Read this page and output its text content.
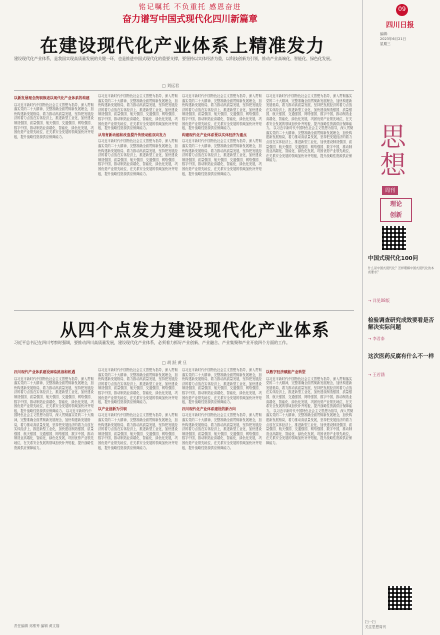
铭记嘱托 不负重托 感恩奋进
奋力谱写中国式现代化四川新篇章
在建设现代化产业体系上精准发力
建设现代化产业体系，是我国实现高质量发展的关键一环，也是推进中国式现代化的重要支撑，要坚持以实体经济为重，以科技创新为引领，推动产业高端化、智能化、绿色化发展。
□ 刘远君
以新发展理念统领推进以现代化产业体系的构建
以习近平新时代中国特色社会主义思想为指导，深入贯彻落实党的二十大精神，完整准确全面贯彻新发展理念，加快构建新发展格局，着力推动高质量发展，坚持把发展经济的着力点放在实体经济上，推进新型工业化，加快建设制造强国、质量强国、航天强国、交通强国、网络强国、数字中国，推动制造业高端化、智能化、绿色化发展，巩固优势产业领先地位，在关系安全发展的领域加快补齐短板，提升战略性资源供应保障能力。
以习近平新时代中国特色社会主义思想为指导，深入贯彻落实党的二十大精神，完整准确全面贯彻新发展理念，加快构建新发展格局，着力推动高质量发展，坚持把发展经济的着力点放在实体经济上，推进新型工业化，加快建设制造强国、质量强国、航天强国、交通强国、网络强国、数字中国，推动制造业高端化、智能化、绿色化发展，巩固优势产业领先地位，在关系安全发展的领域加快补齐短板，提升战略性资源供应保障能力。
从培育新动能和改造提升传统动能双向发力
以习近平新时代中国特色社会主义思想为指导，深入贯彻落实党的二十大精神，完整准确全面贯彻新发展理念，加快构建新发展格局，着力推动高质量发展，坚持把发展经济的着力点放在实体经济上，推进新型工业化，加快建设制造强国、质量强国、航天强国、交通强国、网络强国、数字中国，推动制造业高端化、智能化、绿色化发展，巩固优势产业领先地位，在关系安全发展的领域加快补齐短板，提升战略性资源供应保障能力。
以习近平新时代中国特色社会主义思想为指导，深入贯彻落实党的二十大精神，完整准确全面贯彻新发展理念，加快构建新发展格局，着力推动高质量发展，坚持把发展经济的着力点放在实体经济上，推进新型工业化，加快建设制造强国、质量强国、航天强国、交通强国、网络强国、数字中国，推动制造业高端化、智能化、绿色化发展，巩固优势产业领先地位，在关系安全发展的领域加快补齐短板，提升战略性资源供应保障能力。
构建现代化产业体系要以实体经济为重点
以习近平新时代中国特色社会主义思想为指导，深入贯彻落实党的二十大精神，完整准确全面贯彻新发展理念，加快构建新发展格局，着力推动高质量发展，坚持把发展经济的着力点放在实体经济上，推进新型工业化，加快建设制造强国、质量强国、航天强国、交通强国、网络强国、数字中国，推动制造业高端化、智能化、绿色化发展，巩固优势产业领先地位，在关系安全发展的领域加快补齐短板，提升战略性资源供应保障能力。
以习近平新时代中国特色社会主义思想为指导，深入贯彻落实党的二十大精神，完整准确全面贯彻新发展理念，加快构建新发展格局，着力推动高质量发展，坚持把发展经济的着力点放在实体经济上，推进新型工业化，加快建设制造强国、质量强国、航天强国、交通强国、网络强国、数字中国，推动制造业高端化、智能化、绿色化发展，巩固优势产业领先地位，在关系安全发展的领域加快补齐短板，提升战略性资源供应保障能力。 以习近平新时代中国特色社会主义思想为指导，深入贯彻落实党的二十大精神，完整准确全面贯彻新发展理念，加快构建新发展格局，着力推动高质量发展，坚持把发展经济的着力点放在实体经济上，推进新型工业化，加快建设制造强国、质量强国、航天强国、交通强国、网络强国、数字中国，推动制造业高端化、智能化、绿色化发展，巩固优势产业领先地位，在关系安全发展的领域加快补齐短板，提升战略性资源供应保障能力。
从四个点发力建设现代化产业体系
习近平总书记在四川考察时强调，要推动四川高质量发展，建设现代化产业体系，必须着力抓好产业创新、产业融合、产业集聚和产业开放四个方面的工作。
□ 胡 跃 黄 旦
四川现代产业体系建设面临挑战和机遇
以习近平新时代中国特色社会主义思想为指导，深入贯彻落实党的二十大精神，完整准确全面贯彻新发展理念，加快构建新发展格局，着力推动高质量发展，坚持把发展经济的着力点放在实体经济上，推进新型工业化，加快建设制造强国、质量强国、航天强国、交通强国、网络强国、数字中国，推动制造业高端化、智能化、绿色化发展，巩固优势产业领先地位，在关系安全发展的领域加快补齐短板，提升战略性资源供应保障能力。 以习近平新时代中国特色社会主义思想为指导，深入贯彻落实党的二十大精神，完整准确全面贯彻新发展理念，加快构建新发展格局，着力推动高质量发展，坚持把发展经济的着力点放在实体经济上，推进新型工业化，加快建设制造强国、质量强国、航天强国、交通强国、网络强国、数字中国，推动制造业高端化、智能化、绿色化发展，巩固优势产业领先地位，在关系安全发展的领域加快补齐短板，提升战略性资源供应保障能力。
以习近平新时代中国特色社会主义思想为指导，深入贯彻落实党的二十大精神，完整准确全面贯彻新发展理念，加快构建新发展格局，着力推动高质量发展，坚持把发展经济的着力点放在实体经济上，推进新型工业化，加快建设制造强国、质量强国、航天强国、交通强国、网络强国、数字中国，推动制造业高端化、智能化、绿色化发展，巩固优势产业领先地位，在关系安全发展的领域加快补齐短板，提升战略性资源供应保障能力。
以产业创新为引领
以习近平新时代中国特色社会主义思想为指导，深入贯彻落实党的二十大精神，完整准确全面贯彻新发展理念，加快构建新发展格局，着力推动高质量发展，坚持把发展经济的着力点放在实体经济上，推进新型工业化，加快建设制造强国、质量强国、航天强国、交通强国、网络强国、数字中国，推动制造业高端化、智能化、绿色化发展，巩固优势产业领先地位，在关系安全发展的领域加快补齐短板，提升战略性资源供应保障能力。
以习近平新时代中国特色社会主义思想为指导，深入贯彻落实党的二十大精神，完整准确全面贯彻新发展理念，加快构建新发展格局，着力推动高质量发展，坚持把发展经济的着力点放在实体经济上，推进新型工业化，加快建设制造强国、质量强国、航天强国、交通强国、网络强国、数字中国，推动制造业高端化、智能化、绿色化发展，巩固优势产业领先地位，在关系安全发展的领域加快补齐短板，提升战略性资源供应保障能力。
四川现代化产业体系建设的新方向
以习近平新时代中国特色社会主义思想为指导，深入贯彻落实党的二十大精神，完整准确全面贯彻新发展理念，加快构建新发展格局，着力推动高质量发展，坚持把发展经济的着力点放在实体经济上，推进新型工业化，加快建设制造强国、质量强国、航天强国、交通强国、网络强国、数字中国，推动制造业高端化、智能化、绿色化发展，巩固优势产业领先地位，在关系安全发展的领域加快补齐短板，提升战略性资源供应保障能力。
以数字经济赋能产业转型
以习近平新时代中国特色社会主义思想为指导，深入贯彻落实党的二十大精神，完整准确全面贯彻新发展理念，加快构建新发展格局，着力推动高质量发展，坚持把发展经济的着力点放在实体经济上，推进新型工业化，加快建设制造强国、质量强国、航天强国、交通强国、网络强国、数字中国，推动制造业高端化、智能化、绿色化发展，巩固优势产业领先地位，在关系安全发展的领域加快补齐短板，提升战略性资源供应保障能力。 以习近平新时代中国特色社会主义思想为指导，深入贯彻落实党的二十大精神，完整准确全面贯彻新发展理念，加快构建新发展格局，着力推动高质量发展，坚持把发展经济的着力点放在实体经济上，推进新型工业化，加快建设制造强国、质量强国、航天强国、交通强国、网络强国、数字中国，推动制造业高端化、智能化、绿色化发展，巩固优势产业领先地位，在关系安全发展的领域加快补齐短板，提升战略性资源供应保障能力。
责任编辑 邓维秀 编辑 黄文翔
09
四川日报
编辑：
2023年6月21日
星期三
思想
周刊
理论
创新
中国式现代化100问
什么是中国式现代化？怎样理解中国式现代化的本质要求？
→ 详见08版
检验调查研究成效要看是否解决实际问题
→ 李君泰
这次医药反腐有什么不一样
→ 王若涵
扫一扫
关注思想周刊
